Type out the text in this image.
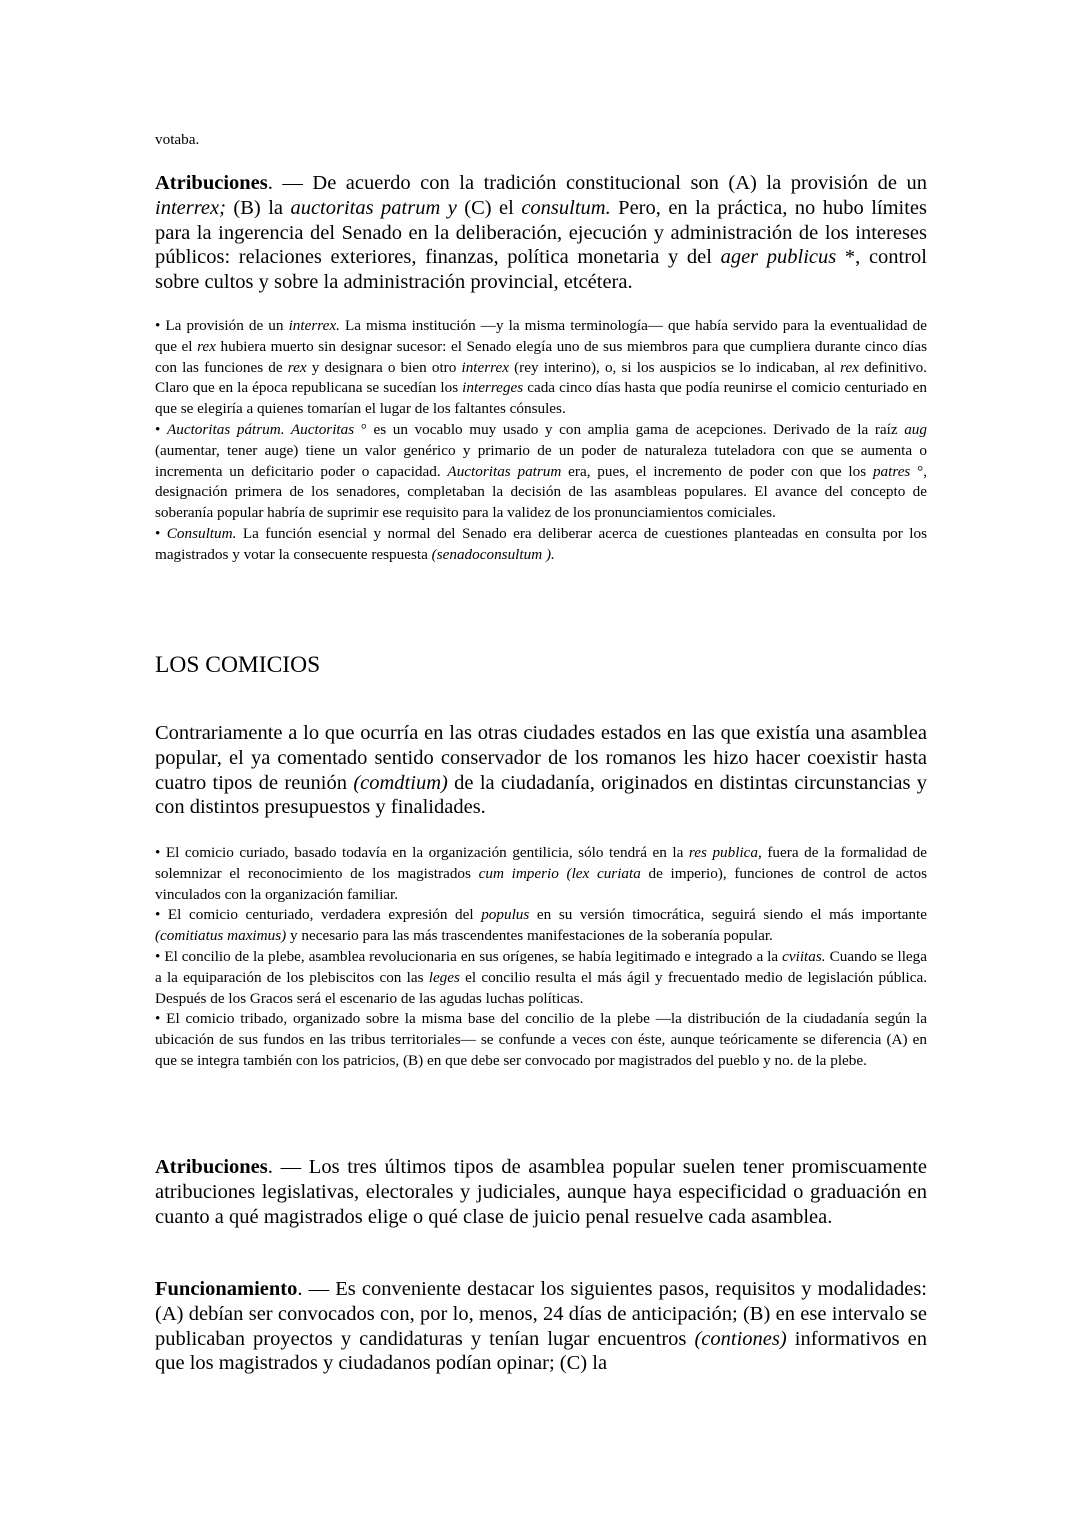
votaba.

Atribuciones. — De acuerdo con la tradición constitucional son (A) la provisión de un interrex; (B) la auctoritas patrum y (C) el consultum. Pero, en la práctica, no hubo límites para la ingerencia del Senado en la deliberación, ejecución y administración de los intereses públicos: relaciones exteriores, finanzas, política monetaria y del ager publicus *, control sobre cultos y sobre la administración provincial, etcétera.

• La provisión de un interrex. La misma institución —y la misma terminología— que había servido para la eventualidad de que el rex hubiera muerto sin designar sucesor: el Senado elegía uno de sus miembros para que cumpliera durante cinco días con las funciones de rex y designara o bien otro interrex (rey interino), o, si los auspicios se lo indicaban, al rex definitivo. Claro que en la época republicana se sucedían los interreges cada cinco días hasta que podía reunirse el comicio centuriado en que se elegiría a quienes tomarían el lugar de los faltantes cónsules.

• Auctoritas pátrum. Auctoritas ° es un vocablo muy usado y con amplia gama de acepciones. Derivado de la raíz aug (aumentar, tener auge) tiene un valor genérico y primario de un poder de naturaleza tuteladora con que se aumenta o incrementa un deficitario poder o capacidad. Auctoritas patrum era, pues, el incremento de poder con que los patres °, designación primera de los senadores, completaban la decisión de las asambleas populares. El avance del concepto de soberanía popular habría de suprimir ese requisito para la validez de los pronunciamientos comiciales.

• Consultum. La función esencial y normal del Senado era deliberar acerca de cuestiones planteadas en consulta por los magistrados y votar la consecuente respuesta (senadoconsultum ).

LOS COMICIOS

Contrariamente a lo que ocurría en las otras ciudades estados en las que existía una asamblea popular, el ya comentado sentido conservador de los romanos les hizo hacer coexistir hasta cuatro tipos de reunión (comdtium) de la ciudadanía, originados en distintas circunstancias y con distintos presupuestos y finalidades.

• El comicio curiado, basado todavía en la organización gentilicia, sólo tendrá en la res publica, fuera de la formalidad de solemnizar el reconocimiento de los magistrados cum imperio (lex curiata de imperio), funciones de control de actos vinculados con la organización familiar.

• El comicio centuriado, verdadera expresión del populus en su versión timocrática, seguirá siendo el más importante (comitiatus maximus) y necesario para las más trascendentes manifestaciones de la soberanía popular.

• El concilio de la plebe, asamblea revolucionaria en sus orígenes, se había legitimado e integrado a la cviitas. Cuando se llega a la equiparación de los plebiscitos con las leges el concilio resulta el más ágil y frecuentado medio de legislación pública. Después de los Gracos será el escenario de las agudas luchas políticas.

• El comicio tribado, organizado sobre la misma base del concilio de la plebe —la distribución de la ciudadanía según la ubicación de sus fundos en las tribus territoriales— se confunde a veces con éste, aunque teóricamente se diferencia (A) en que se integra también con los patricios, (B) en que debe ser convocado por magistrados del pueblo y no. de la plebe.

Atribuciones. — Los tres últimos tipos de asamblea popular suelen tener promiscuamente atribuciones legislativas, electorales y judiciales, aunque haya especificidad o graduación en cuanto a qué magistrados elige o qué clase de juicio penal resuelve cada asamblea.

Funcionamiento. — Es conveniente destacar los siguientes pasos, requisitos y modalidades: (A) debían ser convocados con, por lo, menos, 24 días de anticipación; (B) en ese intervalo se publicaban proyectos y candidaturas y tenían lugar encuentros (contiones) informativos en que los magistrados y ciudadanos podían opinar; (C) la
